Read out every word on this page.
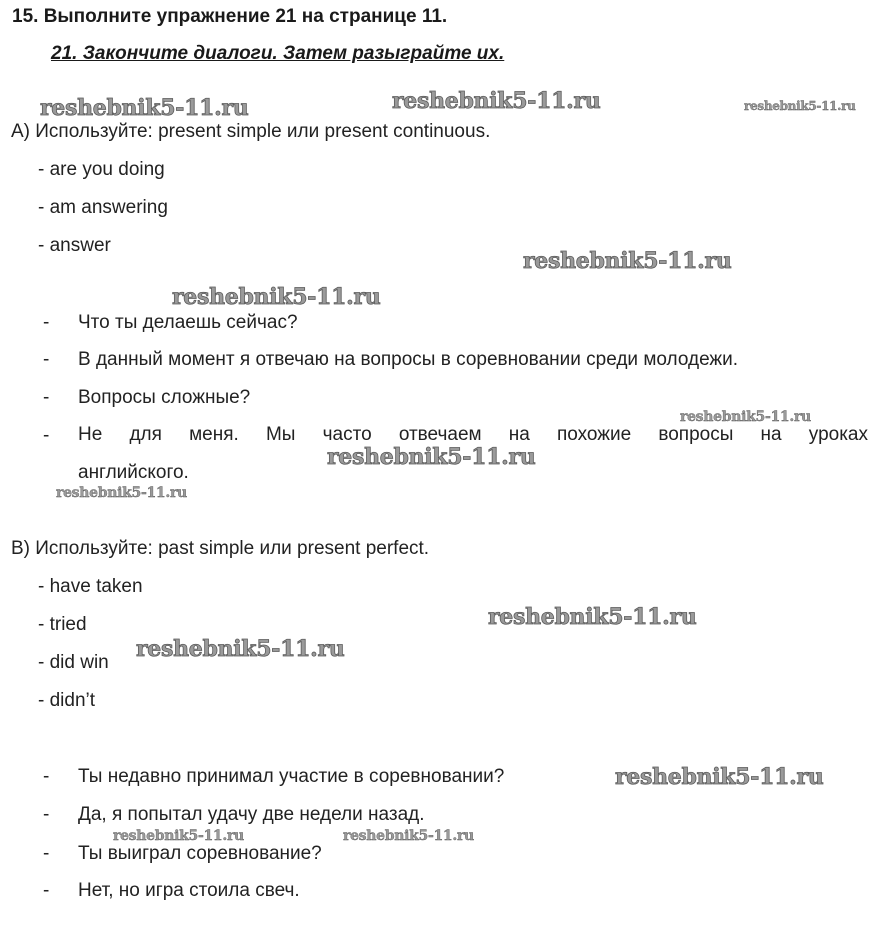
15. Выполните упражнение 21 на странице 11.
21. Закончите диалоги. Затем разыграйте их.
A) Используйте: present simple или present continuous.
- are you doing
- am answering
- answer
- Что ты делаешь сейчас?
- В данный момент я отвечаю на вопросы в соревновании среди молодежи.
- Вопросы сложные?
- Не для меня. Мы часто отвечаем на похожие вопросы на уроках
английского.
B) Используйте: past simple или present perfect.
- have taken
- tried
- did win
- didn’t
- Ты недавно принимал участие в соревновании?
- Да, я попытал удачу две недели назад.
- Ты выиграл соревнование?
- Нет, но игра стоила свеч.
reshebnik5-11.ru	reshebnik5-11.ru	reshebnik5-11.ru
reshebnik5-11.ru
reshebnik5-11.ru
reshebnik5-11.ru
reshebnik5-11.ru
reshebnik5-11.ru
reshebnik5-11.ru
reshebnik5-11.ru
reshebnik5-11.ru
reshebnik5-11.ru	reshebnik5-11.ru
